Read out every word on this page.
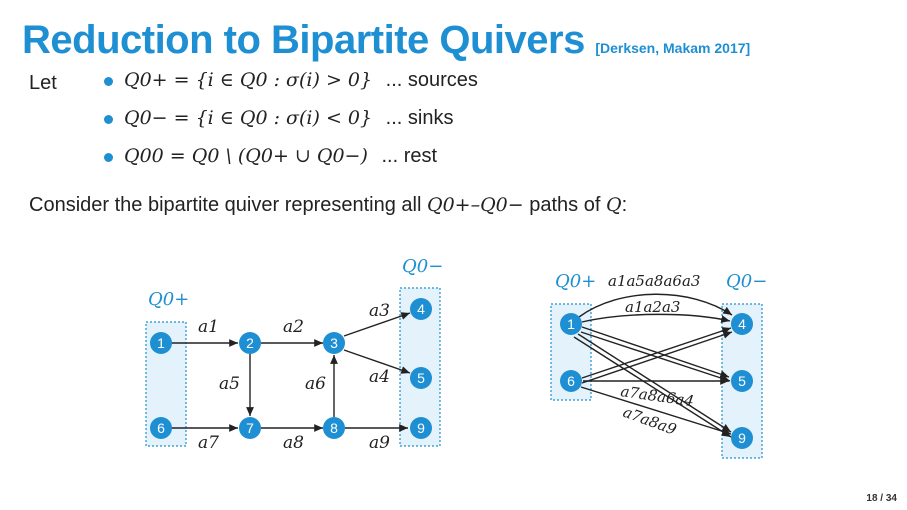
Reduction to Bipartite Quivers [Derksen, Makam 2017]
Let	Q0+ = {i ∈ Q0 : σ(i) > 0} ... sources
Q0− = {i ∈ Q0 : σ(i) < 0} ... sinks
Q00 = Q0 \ (Q0+ ∪ Q0−) ... rest
Consider the bipartite quiver representing all Q0+–Q0− paths of Q:
Q0+
Q0−
a1	a2
a3
a4
a5	a6
a7	a8	a9
1	2	3
4
5
6	7	8	9
Q0+	Q0−
a1a5a8a6a3
a1a2a3
a7a8a6a4
a7a8a9
1
6
4
5
9
18 / 34
